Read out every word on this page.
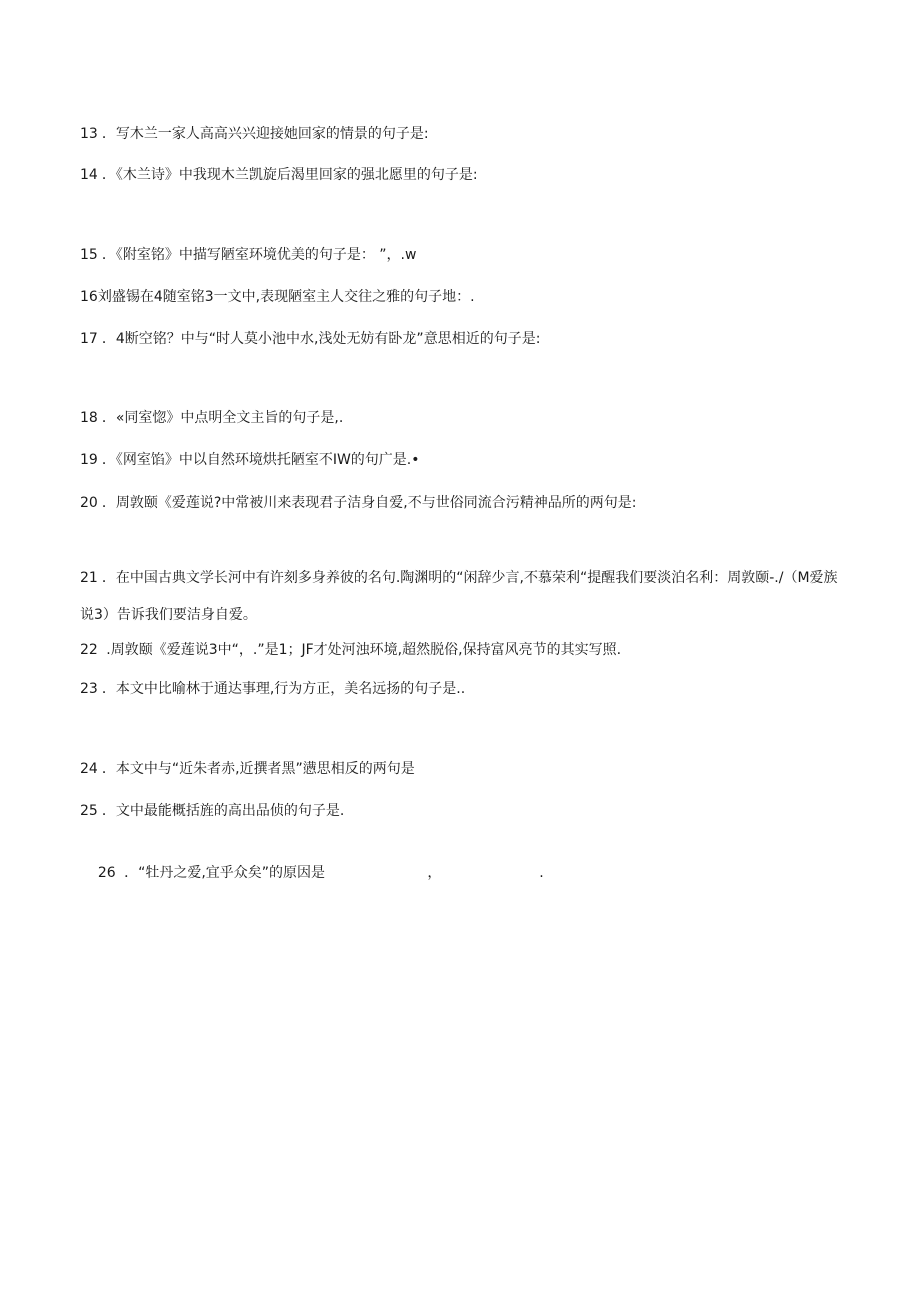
13 ．写木兰一家人高高兴兴迎接她回家的情景的句子是:
14 ．《木兰诗》中我现木兰凯旋后渴里回家的强北愿里的句子是:
15 ．《附室铭》中描写陋室环境优美的句子是： ”，.w
16刘盛锡在4随室铭3一文中,表现陋室主人交往之雅的句子地：.
17 ．4断空铭？中与“时人莫小池中水,浅处无妨有卧龙”意思相近的句子是:
18 ．«同室惚》中点明全文主旨的句子是,.
19 ．《网室馅》中以自然环境烘托陋室不IW的句广是.•
20 ．周敦颐《爱莲说?中常被川来表现君子洁身自爱,不与世俗同流合污精神品所的两句是:
21 ．在中国古典文学长河中有许刻多身养彼的名句.陶渊明的“闲辞少言,不慕荣利“提醒我们要淡泊名利：周敦颐-./（M爱族说3）告诉我们要洁身自爱。
22 .周敦颐《爱莲说3中“，.”是1；JF才处河浊环境,超然脱俗,保持富风亮节的其实写照.
23 ．本文中比喻林于通达事理,行为方正，美名远扬的句子是..
24 ．本文中与“近朱者赤,近撰者黑”懑思相反的两句是
25 ．文中最能概括旌的高出品侦的句子是.

26 ．“牡丹之爱,宜乎众矣”的原因是                       ，                      .
